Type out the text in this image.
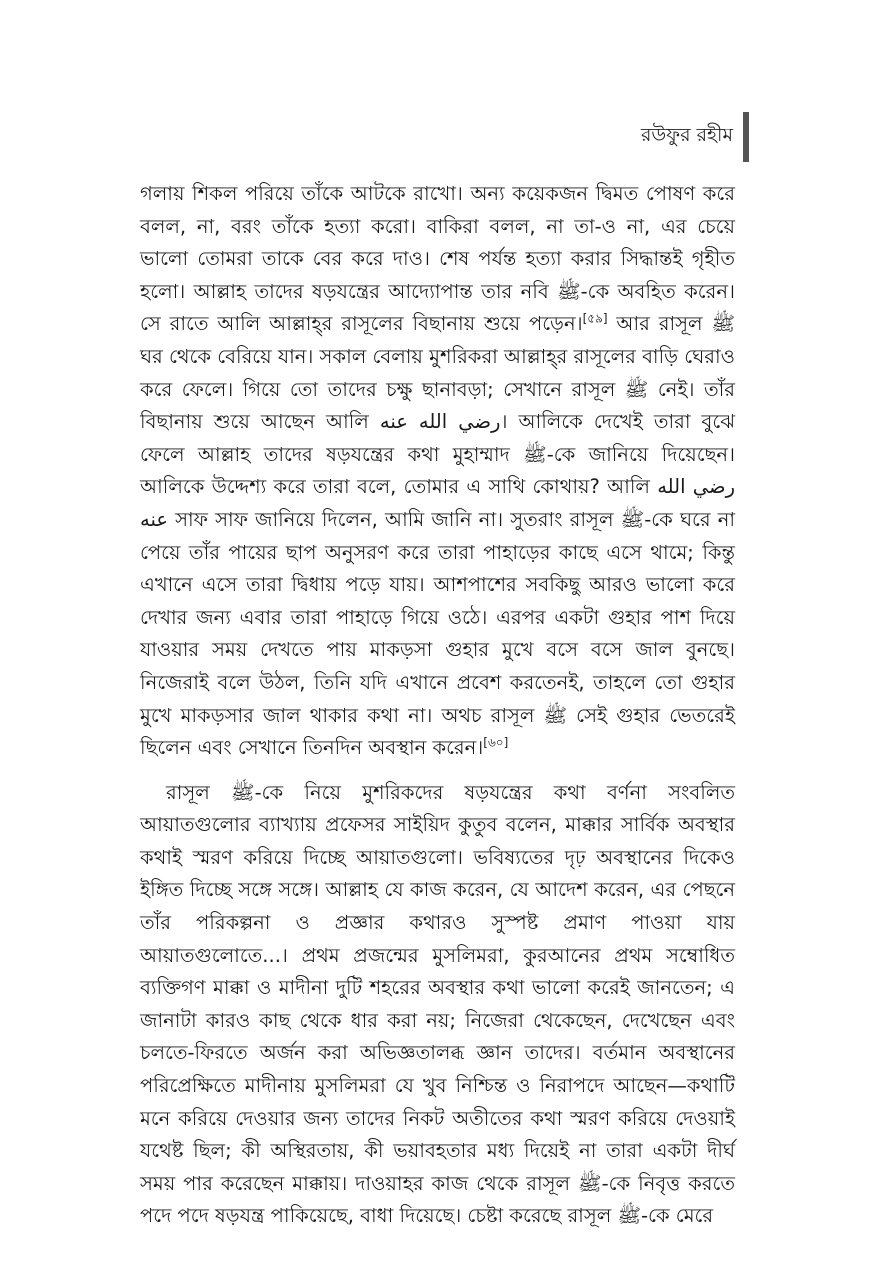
রউফুর রহীম

গলায় শিকল পরিয়ে তাঁকে আটকে রাখো। অন্য কয়েকজন দ্বিমত পোষণ করে বলল, না, বরং তাঁকে হত্যা করো। বাকিরা বলল, না তা-ও না, এর চেয়ে ভালো তোমরা তাকে বের করে দাও। শেষ পর্যন্ত হত্যা করার সিদ্ধান্তই গৃহীত হলো। আল্লাহ তাদের ষড়যন্ত্রের আদ্যোপান্ত তার নবি ﷺ-কে অবহিত করেন। সে রাতে আলি আল্লাহ্‌র রাসূলের বিছানায় শুয়ে পড়েন।[৫৯] আর রাসূল ﷺ ঘর থেকে বেরিয়ে যান। সকাল বেলায় মুশরিকরা আল্লাহ্‌র রাসূলের বাড়ি ঘেরাও করে ফেলে। গিয়ে তো তাদের চক্ষু ছানাবড়া; সেখানে রাসূল ﷺ নেই। তাঁর বিছানায় শুয়ে আছেন আলি رضي الله عنه। আলিকে দেখেই তারা বুঝে ফেলে আল্লাহ তাদের ষড়যন্ত্রের কথা মুহাম্মাদ ﷺ-কে জানিয়ে দিয়েছেন। আলিকে উদ্দেশ্য করে তারা বলে, তোমার এ সাথি কোথায়? আলি رضي الله عنه সাফ সাফ জানিয়ে দিলেন, আমি জানি না। সুতরাং রাসূল ﷺ-কে ঘরে না পেয়ে তাঁর পায়ের ছাপ অনুসরণ করে তারা পাহাড়ের কাছে এসে থামে; কিন্তু এখানে এসে তারা দ্বিধায় পড়ে যায়। আশপাশের সবকিছু আরও ভালো করে দেখার জন্য এবার তারা পাহাড়ে গিয়ে ওঠে। এরপর একটা গুহার পাশ দিয়ে যাওয়ার সময় দেখতে পায় মাকড়সা গুহার মুখে বসে বসে জাল বুনছে। নিজেরাই বলে উঠল, তিনি যদি এখানে প্রবেশ করতেনই, তাহলে তো গুহার মুখে মাকড়সার জাল থাকার কথা না। অথচ রাসূল ﷺ সেই গুহার ভেতরেই ছিলেন এবং সেখানে তিনদিন অবস্থান করেন।[৬০]

রাসূল ﷺ-কে নিয়ে মুশরিকদের ষড়যন্ত্রের কথা বর্ণনা সংবলিত আয়াতগুলোর ব্যাখ্যায় প্রফেসর সাইয়িদ কুতুব বলেন, মাক্কার সার্বিক অবস্থার কথাই স্মরণ করিয়ে দিচ্ছে আয়াতগুলো। ভবিষ্যতের দৃঢ় অবস্থানের দিকেও ইঙ্গিত দিচ্ছে সঙ্গে সঙ্গে। আল্লাহ যে কাজ করেন, যে আদেশ করেন, এর পেছনে তাঁর পরিকল্পনা ও প্রজ্ঞার কথারও সুস্পষ্ট প্রমাণ পাওয়া যায় আয়াতগুলোতে...। প্রথম প্রজন্মের মুসলিমরা, কুরআনের প্রথম সম্বোধিত ব্যক্তিগণ মাক্কা ও মাদীনা দুটি শহরের অবস্থার কথা ভালো করেই জানতেন; এ জানাটা কারও কাছ থেকে ধার করা নয়; নিজেরা থেকেছেন, দেখেছেন এবং চলতে-ফিরতে অর্জন করা অভিজ্ঞতালব্ধ জ্ঞান তাদের। বর্তমান অবস্থানের পরিপ্রেক্ষিতে মাদীনায় মুসলিমরা যে খুব নিশ্চিন্ত ও নিরাপদে আছেন—কথাটি মনে করিয়ে দেওয়ার জন্য তাদের নিকট অতীতের কথা স্মরণ করিয়ে দেওয়াই যথেষ্ট ছিল; কী অস্থিরতায়, কী ভয়াবহতার মধ্য দিয়েই না তারা একটা দীর্ঘ সময় পার করেছেন মাক্কায়। দাওয়াহর কাজ থেকে রাসূল ﷺ-কে নিবৃত্ত করতে পদে পদে ষড়যন্ত্র পাকিয়েছে, বাধা দিয়েছে। চেষ্টা করেছে রাসূল ﷺ-কে মেরে
